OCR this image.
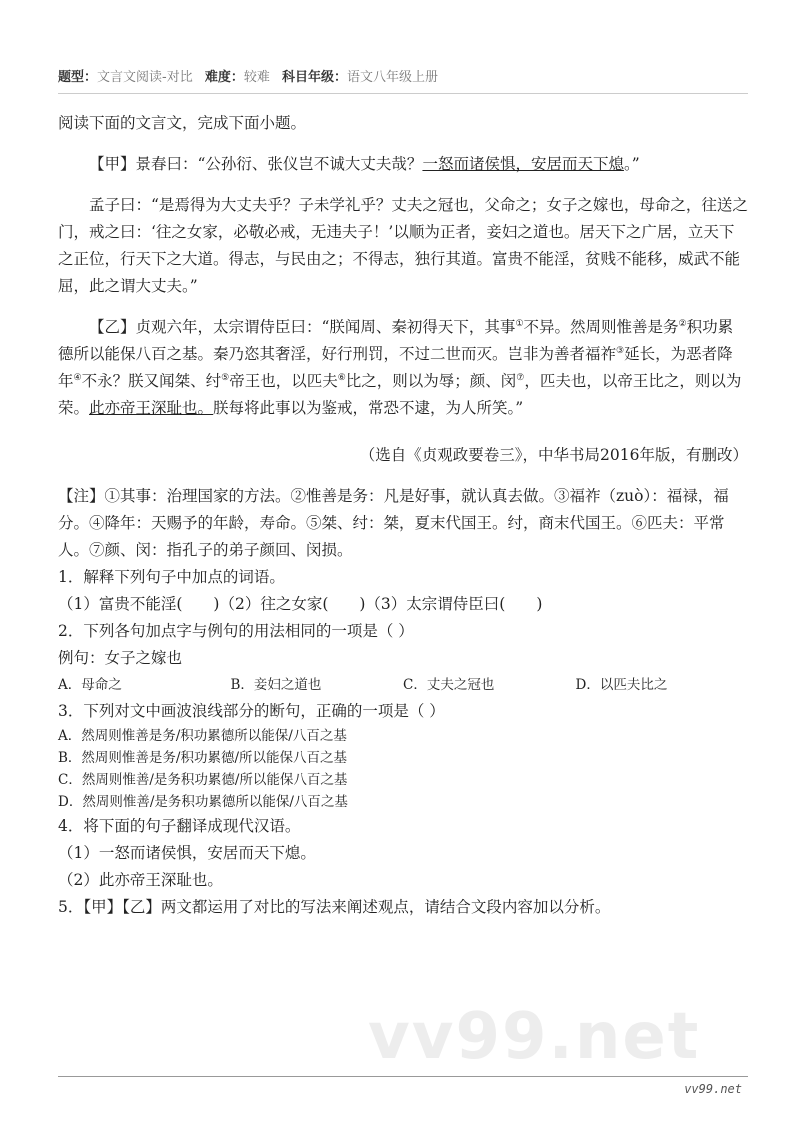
题型：文言文阅读-对比 难度：较难 科目年级：语文八年级上册

阅读下面的文言文，完成下面小题。

【甲】景春曰：“公孙衍、张仪岂不诚大丈夫哉？一怒而诸侯惧，安居而天下熄。”

孟子曰：“是焉得为大丈夫乎？子未学礼乎？丈夫之冠也，父命之；女子之嫁也，母命之，往送之门，戒之曰：‘往之女家，必敬必戒，无违夫子！’以顺为正者，妾妇之道也。居天下之广居，立天下之正位，行天下之大道。得志，与民由之；不得志，独行其道。富贵不能淫，贫贱不能移，威武不能屈，此之谓大丈夫。”

【乙】贞观六年，太宗谓侍臣曰：“朕闻周、秦初得天下，其事①不异。然周则惟善是务②积功累德所以能保八百之基。秦乃恣其奢淫，好行刑罚，不过二世而灭。岂非为善者福祚③延长，为恶者降年④不永？朕又闻桀、纣⑤帝王也，以匹夫⑥比之，则以为辱；颜、闵⑦，匹夫也，以帝王比之，则以为荣。此亦帝王深耻也。朕每将此事以为鉴戒，常恐不逮，为人所笑。”

（选自《贞观政要卷三》，中华书局2016年版，有删改）

【注】①其事：治理国家的方法。②惟善是务：凡是好事，就认真去做。③福祚（zuò）：福禄，福分。④降年：天赐予的年龄，寿命。⑤桀、纣：桀，夏末代国王。纣，商末代国王。⑥匹夫：平常人。⑦颜、闵：指孔子的弟子颜回、闵损。

1．解释下列句子中加点的词语。

（1）富贵不能淫(　　)（2）往之女家(　　)（3）太宗谓侍臣曰(　　)

2．下列各句加点字与例句的用法相同的一项是（ ）

例句：女子之嫁也

A．母命之	B．妾妇之道也	C．丈夫之冠也	D．以匹夫比之

3．下列对文中画波浪线部分的断句，正确的一项是（ ）

A．然周则惟善是务/积功累德所以能保/八百之基

B．然周则惟善是务/积功累德/所以能保八百之基

C．然周则惟善/是务积功累德/所以能保八百之基

D．然周则惟善/是务积功累德所以能保/八百之基

4．将下面的句子翻译成现代汉语。

（1）一怒而诸侯惧，安居而天下熄。

（2）此亦帝王深耻也。

5．【甲】【乙】两文都运用了对比的写法来阐述观点，请结合文段内容加以分析。

vv99.net
vv99.net
